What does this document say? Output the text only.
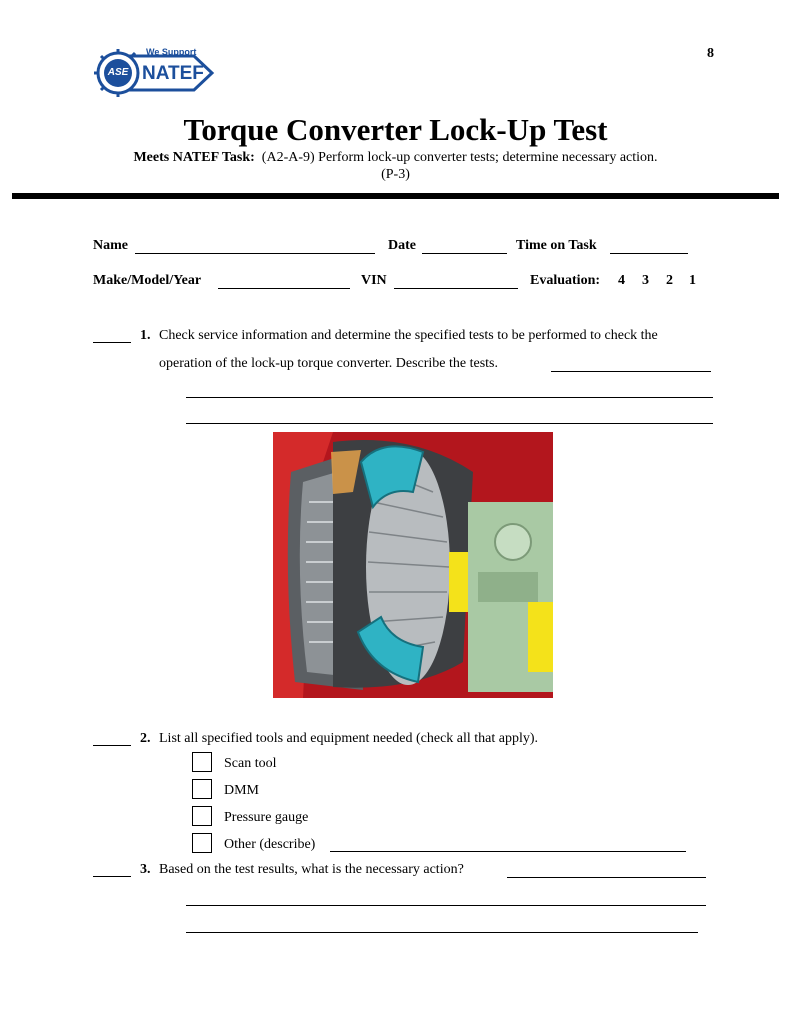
We Support
ASE NATEF
8
Torque Converter Lock-Up Test
Meets NATEF Task: (A2-A-9) Perform lock-up converter tests; determine necessary action.
(P-3)
Name	Date	Time on Task
Make/Model/Year	VIN	Evaluation: 4 3 2 1
1. Check service information and determine the specified tests to be performed to check the
operation of the lock-up torque converter. Describe the tests.
2. List all specified tools and equipment needed (check all that apply).
Scan tool
DMM
Pressure gauge
Other (describe)
3. Based on the test results, what is the necessary action?
